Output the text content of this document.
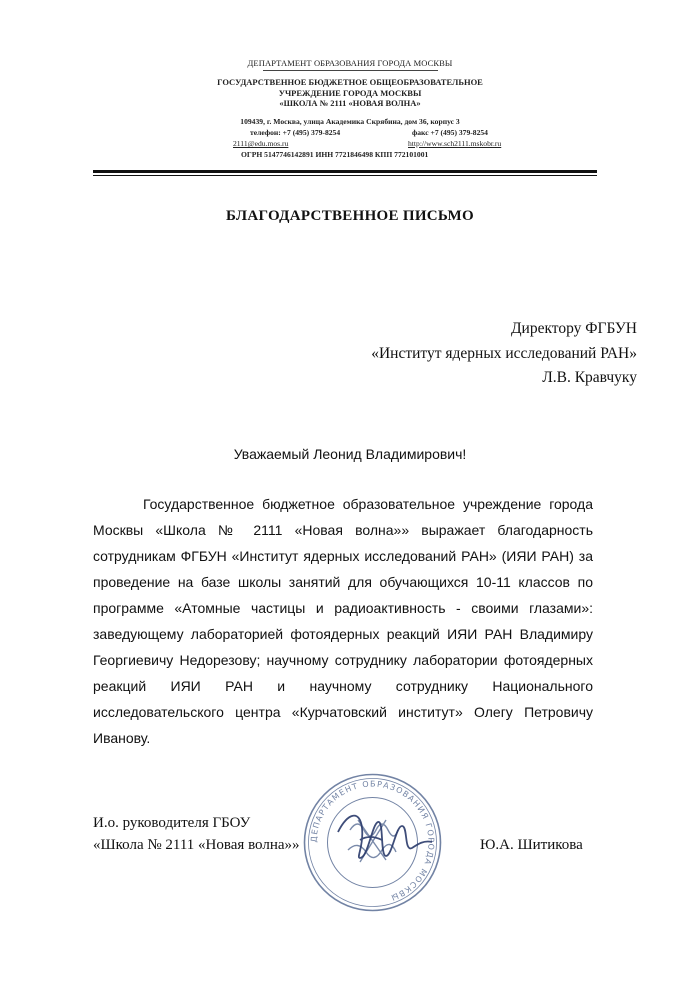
ДЕПАРТАМЕНТ ОБРАЗОВАНИЯ ГОРОДА МОСКВЫ
ГОСУДАРСТВЕННОЕ БЮДЖЕТНОЕ ОБЩЕОБРАЗОВАТЕЛЬНОЕ
УЧРЕЖДЕНИЕ ГОРОДА МОСКВЫ
«ШКОЛА № 2111 «НОВАЯ ВОЛНА»
109439, г. Москва, улица Академика Скрябина, дом 36, корпус 3
телефон: +7 (495) 379-8254	факс +7 (495) 379-8254
2111@edu.mos.ru	http://www.sch2111.mskobr.ru
ОГРН 5147746142891 ИНН 7721846498 КПП 772101001
БЛАГОДАРСТВЕННОЕ ПИСЬМО
Директору ФГБУН
«Институт ядерных исследований РАН»
Л.В. Кравчуку
Уважаемый Леонид Владимирович!
Государственное бюджетное образовательное учреждение города Москвы «Школа № 2111 «Новая волна»» выражает благодарность сотрудникам ФГБУН «Институт ядерных исследований РАН» (ИЯИ РАН) за проведение на базе школы занятий для обучающихся 10-11 классов по программе «Атомные частицы и радиоактивность - своими глазами»: заведующему лабораторией фотоядерных реакций ИЯИ РАН Владимиру Георгиевичу Недорезову; научному сотруднику лаборатории фотоядерных реакций ИЯИ РАН и научному сотруднику Национального исследовательского центра «Курчатовский институт» Олегу Петровичу Иванову.
ДЕПАРТАМЕНТ ОБРАЗОВАНИЯ ГОРОДА МОСКВЫ
И.о. руководителя ГБОУ
«Школа № 2111 «Новая волна»»	Ю.А. Шитикова
